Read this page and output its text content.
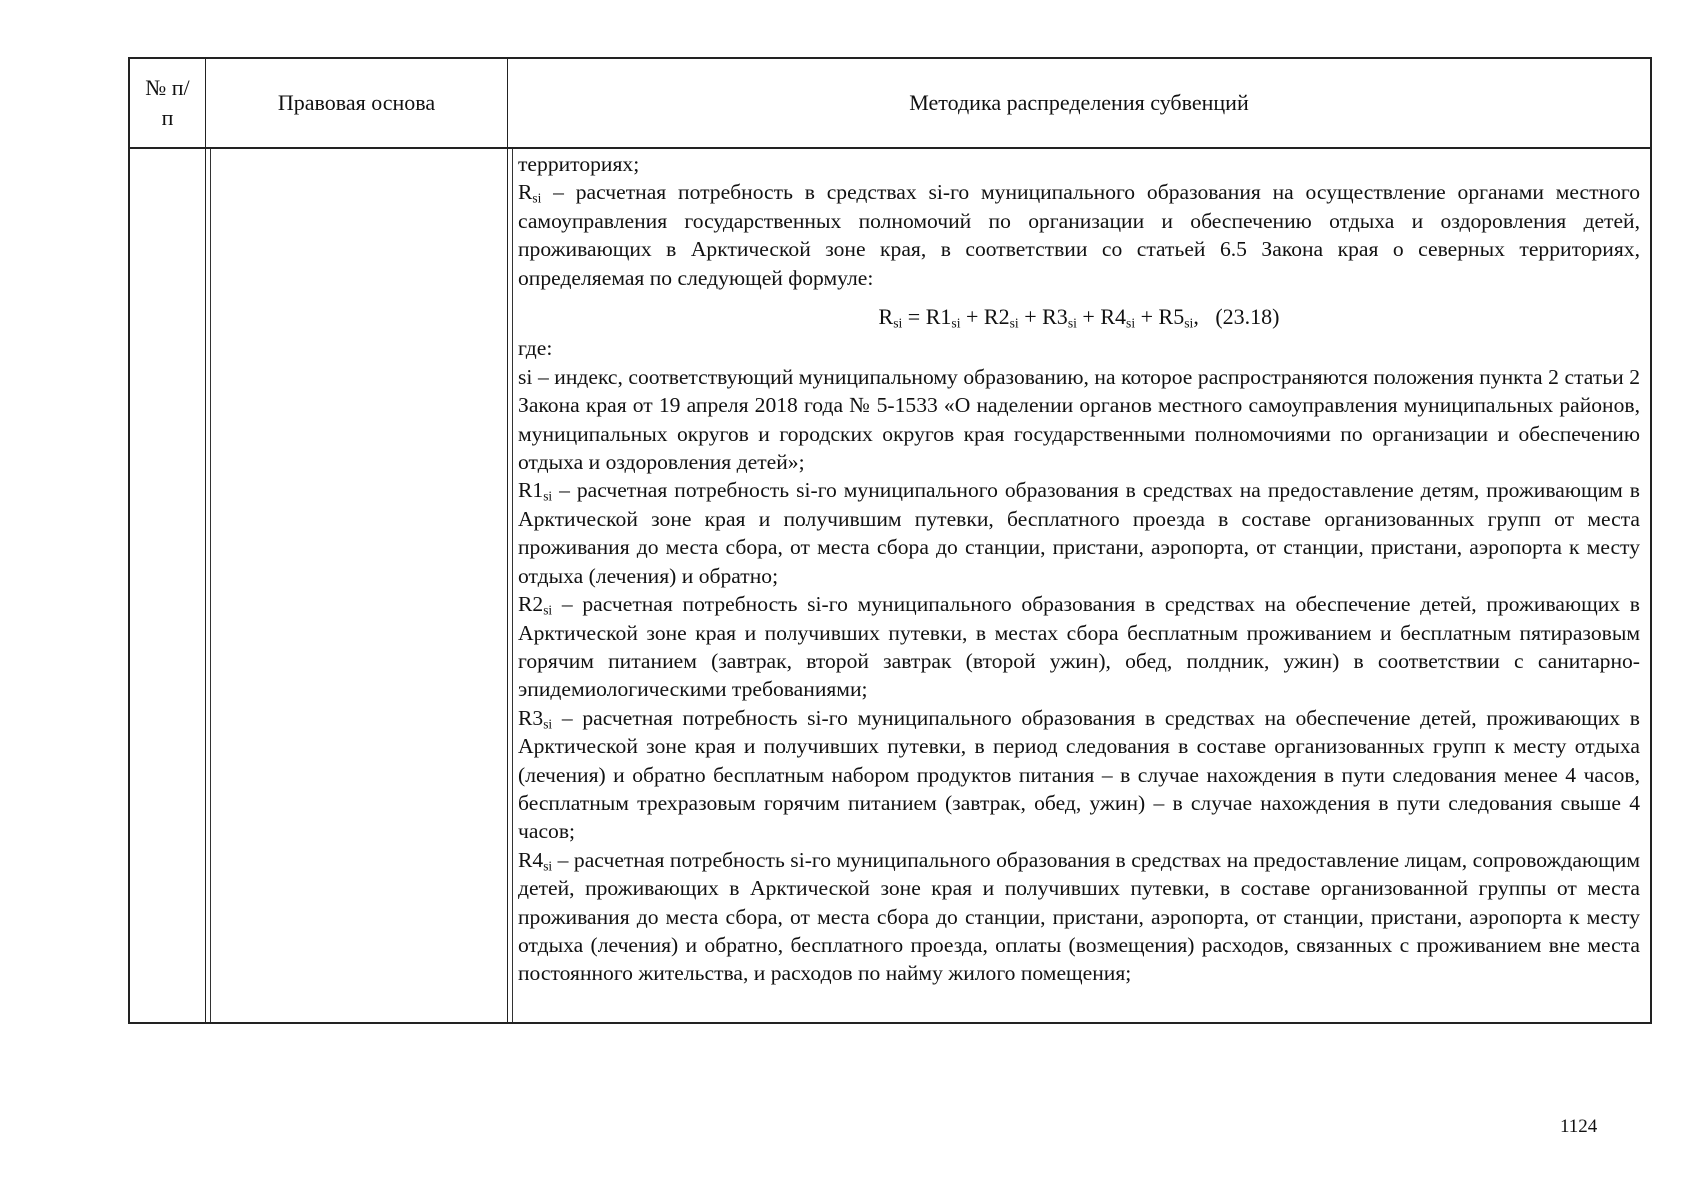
№ п/п
Правовая основа	Методика распределения субвенций

территориях;

$R_{si}$ – расчетная потребность в средствах si-го муниципального образования на осуществление органами местного самоуправления государственных полномочий по организации и обеспечению отдыха и оздоровления детей, проживающих в Арктической зоне края, в соответствии со статьей 6.5 Закона края о северных территориях, определяемая по следующей формуле:

$R_{si} = R1_{si} + R2_{si} + R3_{si} + R4_{si} + R5_{si}$, (23.18)

где:

si – индекс, соответствующий муниципальному образованию, на которое распространяются положения пункта 2 статьи 2 Закона края от 19 апреля 2018 года № 5-1533 «О наделении органов местного самоуправления муниципальных районов, муниципальных округов и городских округов края государственными полномочиями по организации и обеспечению отдыха и оздоровления детей»;

$R1_{si}$ – расчетная потребность si-го муниципального образования в средствах на предоставление детям, проживающим в Арктической зоне края и получившим путевки, бесплатного проезда в составе организованных групп от места проживания до места сбора, от места сбора до станции, пристани, аэропорта, от станции, пристани, аэропорта к месту отдыха (лечения) и обратно;

$R2_{si}$ – расчетная потребность si-го муниципального образования в средствах на обеспечение детей, проживающих в Арктической зоне края и получивших путевки, в местах сбора бесплатным проживанием и бесплатным пятиразовым горячим питанием (завтрак, второй завтрак (второй ужин), обед, полдник, ужин) в соответствии с санитарно-эпидемиологическими требованиями;

$R3_{si}$ – расчетная потребность si-го муниципального образования в средствах на обеспечение детей, проживающих в Арктической зоне края и получивших путевки, в период следования в составе организованных групп к месту отдыха (лечения) и обратно бесплатным набором продуктов питания – в случае нахождения в пути следования менее 4 часов, бесплатным трехразовым горячим питанием (завтрак, обед, ужин) – в случае нахождения в пути следования свыше 4 часов;

$R4_{si}$ – расчетная потребность si-го муниципального образования в средствах на предоставление лицам, сопровождающим детей, проживающих в Арктической зоне края и получивших путевки, в составе организованной группы от места проживания до места сбора, от места сбора до станции, пристани, аэропорта, от станции, пристани, аэропорта к месту отдыха (лечения) и обратно, бесплатного проезда, оплаты (возмещения) расходов, связанных с проживанием вне места постоянного жительства, и расходов по найму жилого помещения;

1124
